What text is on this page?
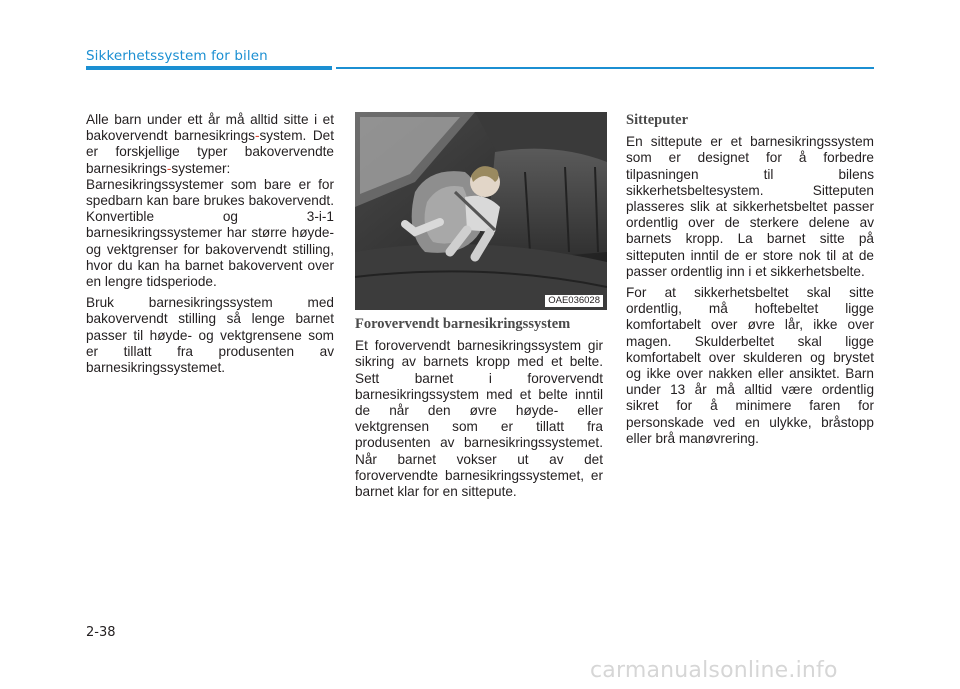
Sikkerhetssystem for bilen

Alle barn under ett år må alltid sitte i et bakovervendt barnesikrings-system. Det er forskjellige typer bakovervendte barnesikrings-systemer: Barnesikringssystemer som bare er for spedbarn kan bare brukes bakovervendt. Konvertible og 3-i-1 barnesikringssystemer har større høyde- og vektgrenser for bakovervendt stilling, hvor du kan ha barnet bakovervent over en lengre tidsperiode.

Bruk barnesikringssystem med bakovervendt stilling så lenge barnet passer til høyde- og vektgrensene som er tillatt fra produsenten av barnesikringssystemet.

OAE036028
Forovervendt barnesikringssystem

Et forovervendt barnesikringssystem gir sikring av barnets kropp med et belte. Sett barnet i forovervendt barnesikringssystem med et belte inntil de når den øvre høyde- eller vektgrensen som er tillatt fra produsenten av barnesikringssystemet. Når barnet vokser ut av det forovervendte barnesikringssystemet, er barnet klar for en sittepute.

Sitteputer

En sittepute er et barnesikringssystem som er designet for å forbedre tilpasningen til bilens sikkerhetsbeltesystem. Sitteputen plasseres slik at sikkerhetsbeltet passer ordentlig over de sterkere delene av barnets kropp. La barnet sitte på sitteputen inntil de er store nok til at de passer ordentlig inn i et sikkerhetsbelte.

For at sikkerhetsbeltet skal sitte ordentlig, må hoftebeltet ligge komfortabelt over øvre lår, ikke over magen. Skulderbeltet skal ligge komfortabelt over skulderen og brystet og ikke over nakken eller ansiktet. Barn under 13 år må alltid være ordentlig sikret for å minimere faren for personskade ved en ulykke, bråstopp eller brå manøvrering.

2-38
carmanualsonline.info
